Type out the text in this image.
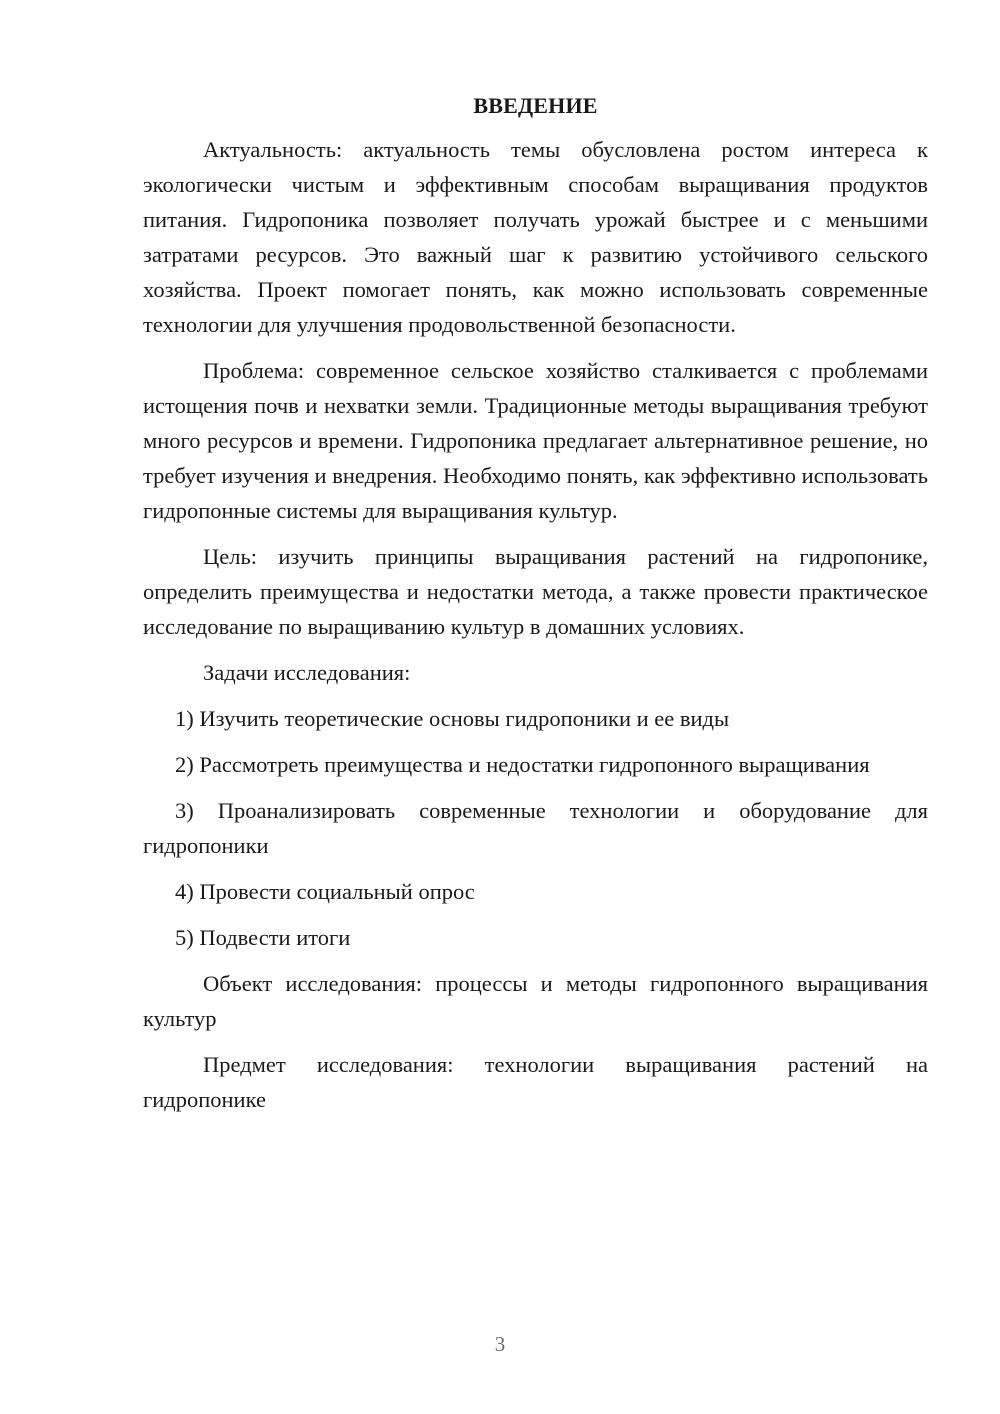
ВВЕДЕНИЕ

Актуальность: актуальность темы обусловлена ростом интереса к экологически чистым и эффективным способам выращивания продуктов питания. Гидропоника позволяет получать урожай быстрее и с меньшими затратами ресурсов. Это важный шаг к развитию устойчивого сельского хозяйства. Проект помогает понять, как можно использовать современные технологии для улучшения продовольственной безопасности.

Проблема: современное сельское хозяйство сталкивается с проблемами истощения почв и нехватки земли. Традиционные методы выращивания требуют много ресурсов и времени. Гидропоника предлагает альтернативное решение, но требует изучения и внедрения. Необходимо понять, как эффективно использовать гидропонные системы для выращивания культур.

Цель: изучить принципы выращивания растений на гидропонике, определить преимущества и недостатки метода, а также провести практическое исследование по выращиванию культур в домашних условиях.

Задачи исследования:

1) Изучить теоретические основы гидропоники и ее виды

2) Рассмотреть преимущества и недостатки гидропонного выращивания

3) Проанализировать современные технологии и оборудование для гидропоники

4) Провести социальный опрос

5) Подвести итоги

Объект исследования: процессы и методы гидропонного выращивания культур

Предмет исследования: технологии выращивания растений на гидропонике

3
